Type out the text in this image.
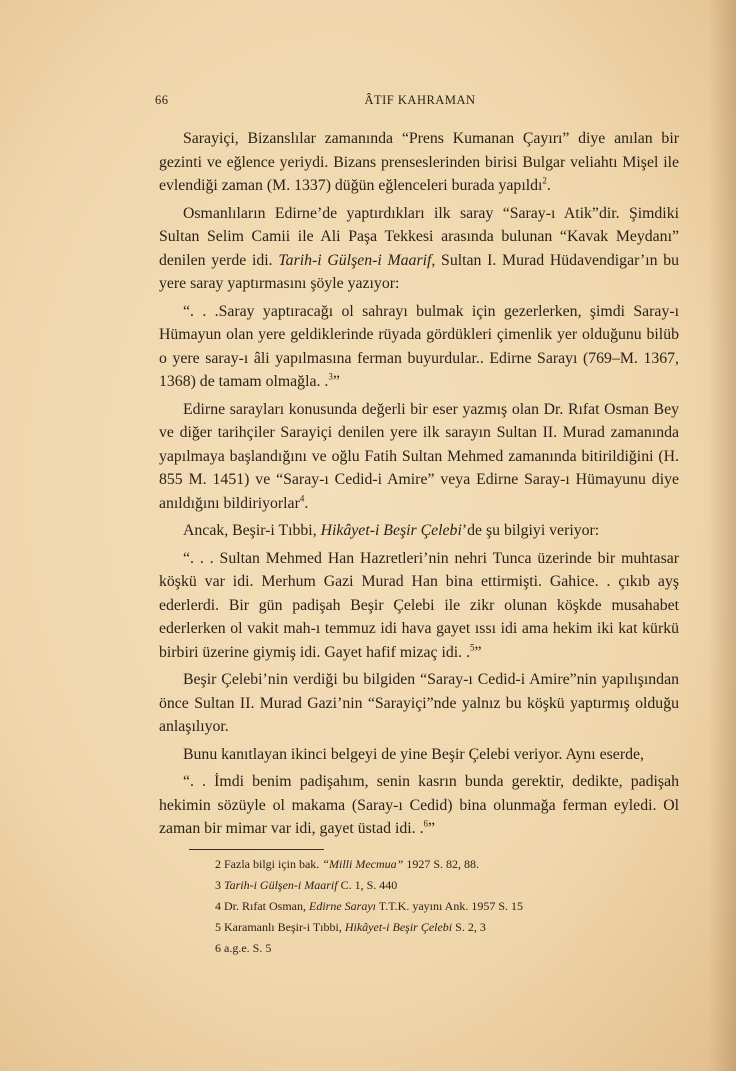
66	ÂTIF KAHRAMAN

Sarayiçi, Bizanslılar zamanında “Prens Kumanan Çayırı” diye anılan bir gezinti ve eğlence yeriydi. Bizans prenseslerinden birisi Bulgar veliahtı Mişel ile evlendiği zaman (M. 1337) düğün eğlenceleri burada yapıldı$^2$.

Osmanlıların Edirne’de yaptırdıkları ilk saray “Saray-ı Atik”dir. Şimdiki Sultan Selim Camii ile Ali Paşa Tekkesi arasında bulunan “Kavak Meydanı” denilen yerde idi. Tarih-i Gülşen-i Maarif, Sultan I. Murad Hüdavendigar’ın bu yere saray yaptırmasını şöyle yazıyor:

“. . .Saray yaptıracağı ol sahrayı bulmak için gezerlerken, şimdi Saray-ı Hümayun olan yere geldiklerinde rüyada gördükleri çimenlik yer olduğunu bilüb o yere saray-ı âli yapılmasına ferman buyurdular.. Edirne Sarayı (769–M. 1367, 1368) de tamam olmağla. .$^3$”

Edirne sarayları konusunda değerli bir eser yazmış olan Dr. Rıfat Osman Bey ve diğer tarihçiler Sarayiçi denilen yere ilk sarayın Sultan II. Murad zamanında yapılmaya başlandığını ve oğlu Fatih Sultan Mehmed zamanında bitirildiğini (H. 855 M. 1451) ve “Saray-ı Cedid-i Amire” veya Edirne Saray-ı Hümayunu diye anıldığını bildiriyorlar$^4$.

Ancak, Beşir-i Tıbbi, Hikâyet-i Beşir Çelebi’de şu bilgiyi veriyor:

“. . . Sultan Mehmed Han Hazretleri’nin nehri Tunca üzerinde bir muhtasar köşkü var idi. Merhum Gazi Murad Han bina ettirmişti. Gahice. . çıkıb ayş ederlerdi. Bir gün padişah Beşir Çelebi ile zikr olunan köşkde musahabet ederlerken ol vakit mah-ı temmuz idi hava gayet ıssı idi ama hekim iki kat kürkü birbiri üzerine giymiş idi. Gayet hafif mizaç idi. .$^5$”

Beşir Çelebi’nin verdiği bu bilgiden “Saray-ı Cedid-i Amire”nin yapılışından önce Sultan II. Murad Gazi’nin “Sarayiçi”nde yalnız bu köşkü yaptırmış olduğu anlaşılıyor.

Bunu kanıtlayan ikinci belgeyi de yine Beşir Çelebi veriyor. Aynı eserde,

“. . İmdi benim padişahım, senin kasrın bunda gerektir, dedikte, padişah hekimin sözüyle ol makama (Saray-ı Cedid) bina olunmağa ferman eyledi. Ol zaman bir mimar var idi, gayet üstad idi. .$^6$”

2 Fazla bilgi için bak. “Milli Mecmua” 1927 S. 82, 88.

3 Tarih-i Gülşen-i Maarif C. 1, S. 440

4 Dr. Rıfat Osman, Edirne Sarayı T.T.K. yayını Ank. 1957 S. 15

5 Karamanlı Beşir-i Tıbbi, Hikâyet-i Beşir Çelebi S. 2, 3

6 a.g.e. S. 5
